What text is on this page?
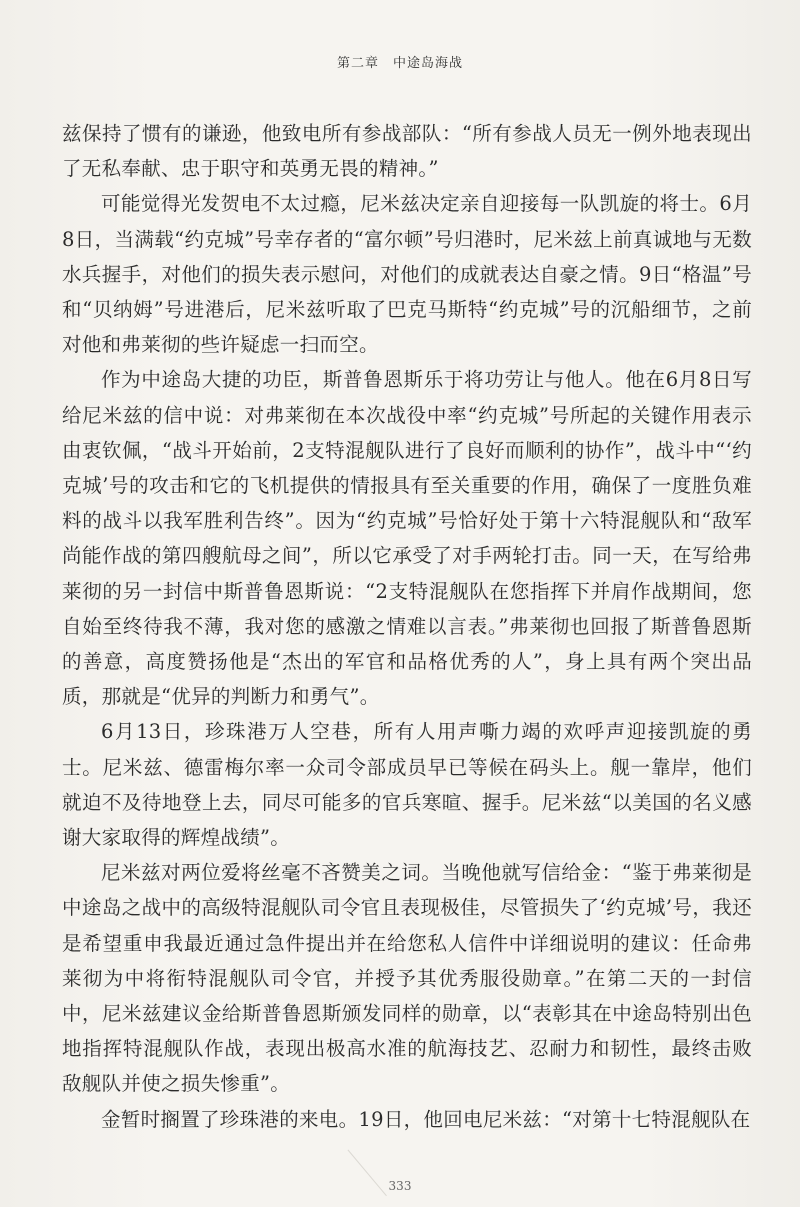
第二章　中途岛海战

兹保持了惯有的谦逊，他致电所有参战部队：“所有参战人员无一例外地表现出了无私奉献、忠于职守和英勇无畏的精神。”

可能觉得光发贺电不太过瘾，尼米兹决定亲自迎接每一队凯旋的将士。6月8日，当满载“约克城”号幸存者的“富尔顿”号归港时，尼米兹上前真诚地与无数水兵握手，对他们的损失表示慰问，对他们的成就表达自豪之情。9日“格温”号和“贝纳姆”号进港后，尼米兹听取了巴克马斯特“约克城”号的沉船细节，之前对他和弗莱彻的些许疑虑一扫而空。

作为中途岛大捷的功臣，斯普鲁恩斯乐于将功劳让与他人。他在6月8日写给尼米兹的信中说：对弗莱彻在本次战役中率“约克城”号所起的关键作用表示由衷钦佩，“战斗开始前，2支特混舰队进行了良好而顺利的协作”，战斗中“‘约克城’号的攻击和它的飞机提供的情报具有至关重要的作用，确保了一度胜负难料的战斗以我军胜利告终”。因为“约克城”号恰好处于第十六特混舰队和“敌军尚能作战的第四艘航母之间”，所以它承受了对手两轮打击。同一天，在写给弗莱彻的另一封信中斯普鲁恩斯说：“2支特混舰队在您指挥下并肩作战期间，您自始至终待我不薄，我对您的感激之情难以言表。”弗莱彻也回报了斯普鲁恩斯的善意，高度赞扬他是“杰出的军官和品格优秀的人”，身上具有两个突出品质，那就是“优异的判断力和勇气”。

6月13日，珍珠港万人空巷，所有人用声嘶力竭的欢呼声迎接凯旋的勇士。尼米兹、德雷梅尔率一众司令部成员早已等候在码头上。舰一靠岸，他们就迫不及待地登上去，同尽可能多的官兵寒暄、握手。尼米兹“以美国的名义感谢大家取得的辉煌战绩”。

尼米兹对两位爱将丝毫不吝赞美之词。当晚他就写信给金：“鉴于弗莱彻是中途岛之战中的高级特混舰队司令官且表现极佳，尽管损失了‘约克城’号，我还是希望重申我最近通过急件提出并在给您私人信件中详细说明的建议：任命弗莱彻为中将衔特混舰队司令官，并授予其优秀服役勋章。”在第二天的一封信中，尼米兹建议金给斯普鲁恩斯颁发同样的勋章，以“表彰其在中途岛特别出色地指挥特混舰队作战，表现出极高水准的航海技艺、忍耐力和韧性，最终击败敌舰队并使之损失惨重”。

金暂时搁置了珍珠港的来电。19日，他回电尼米兹：“对第十七特混舰队在

333
